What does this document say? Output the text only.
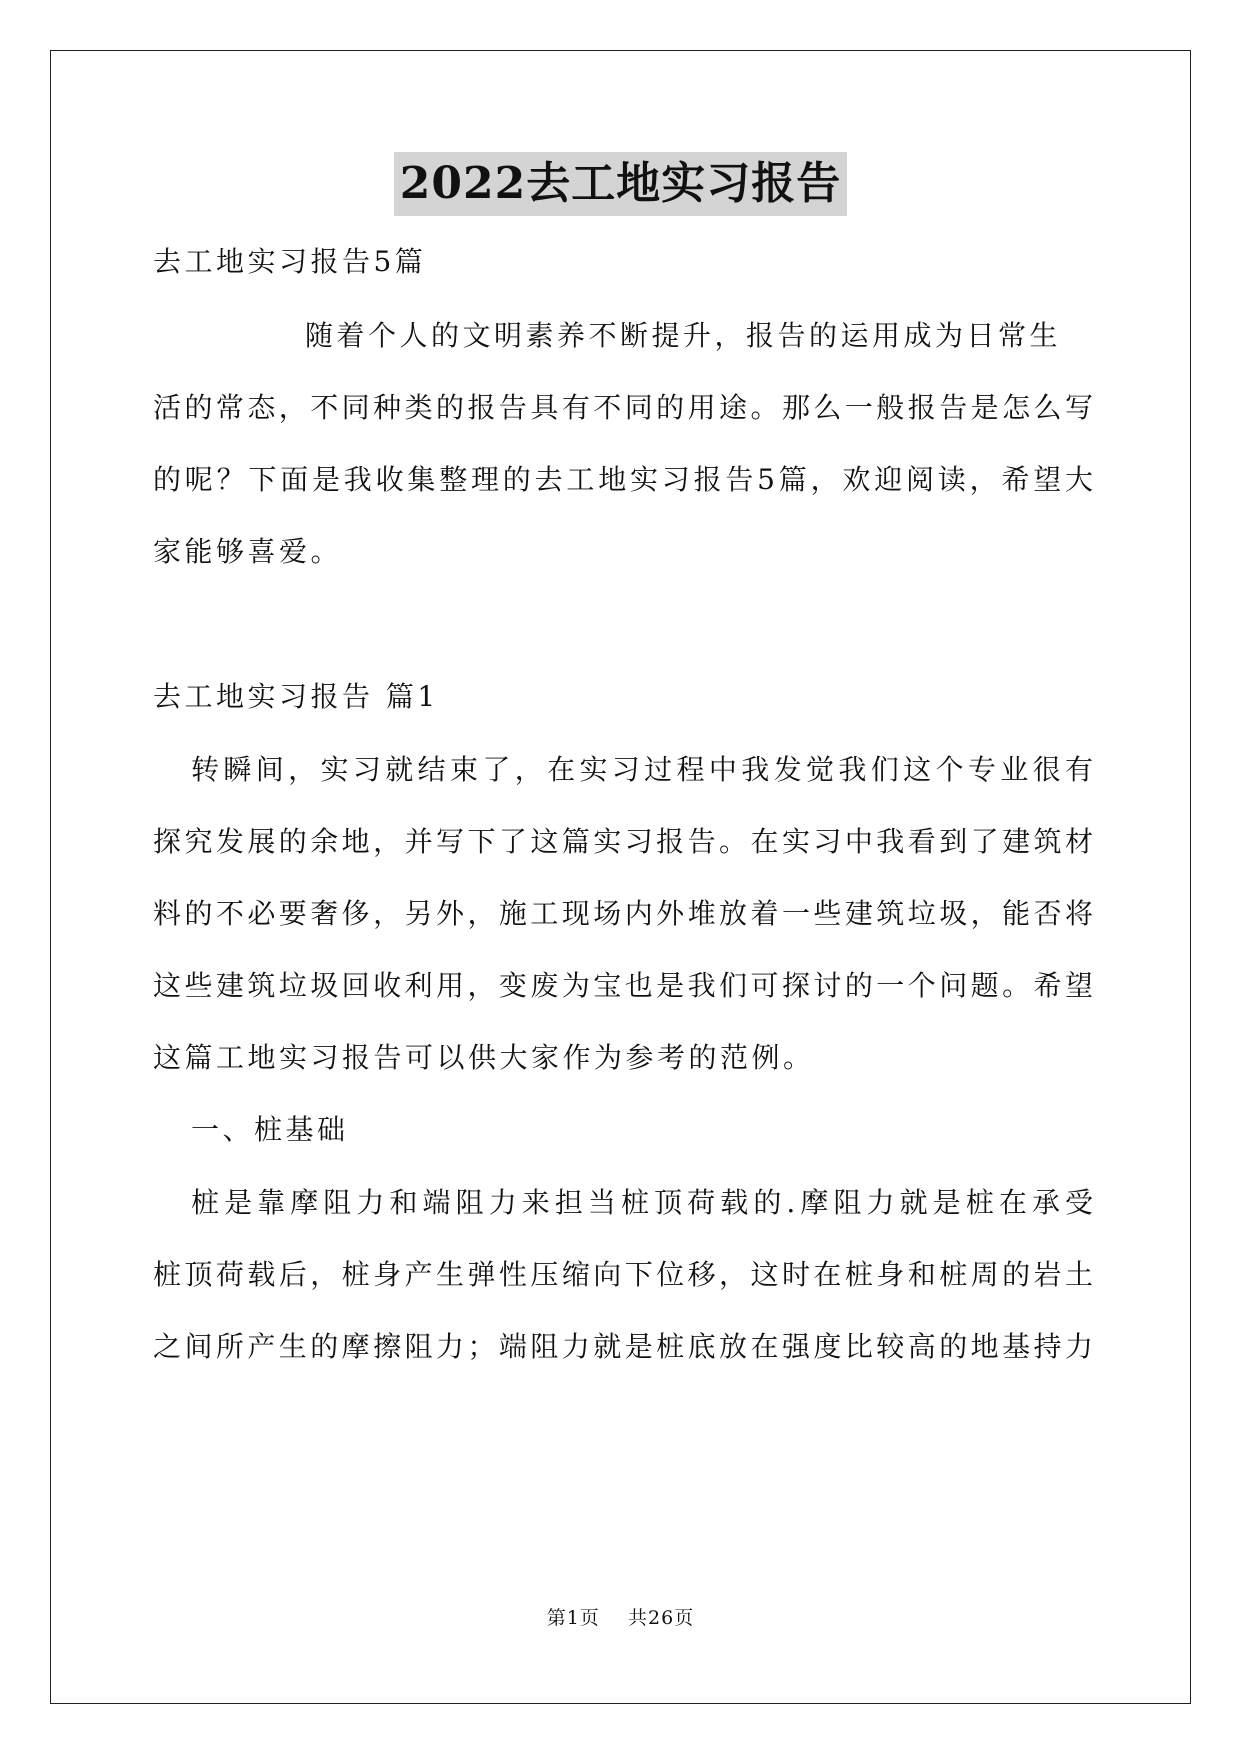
2022去工地实习报告
去工地实习报告5篇
随着个人的文明素养不断提升，报告的运用成为日常生
活的常态，不同种类的报告具有不同的用途。那么一般报告是怎么写
的呢？下面是我收集整理的去工地实习报告5篇，欢迎阅读，希望大
家能够喜爱。
去工地实习报告 篇1
转瞬间，实习就结束了，在实习过程中我发觉我们这个专业很有
探究发展的余地，并写下了这篇实习报告。在实习中我看到了建筑材
料的不必要奢侈，另外，施工现场内外堆放着一些建筑垃圾，能否将
这些建筑垃圾回收利用，变废为宝也是我们可探讨的一个问题。希望
这篇工地实习报告可以供大家作为参考的范例。
一、桩基础
桩是靠摩阻力和端阻力来担当桩顶荷载的.摩阻力就是桩在承受
桩顶荷载后，桩身产生弹性压缩向下位移，这时在桩身和桩周的岩土
之间所产生的摩擦阻力；端阻力就是桩底放在强度比较高的地基持力
第1页    共26页
